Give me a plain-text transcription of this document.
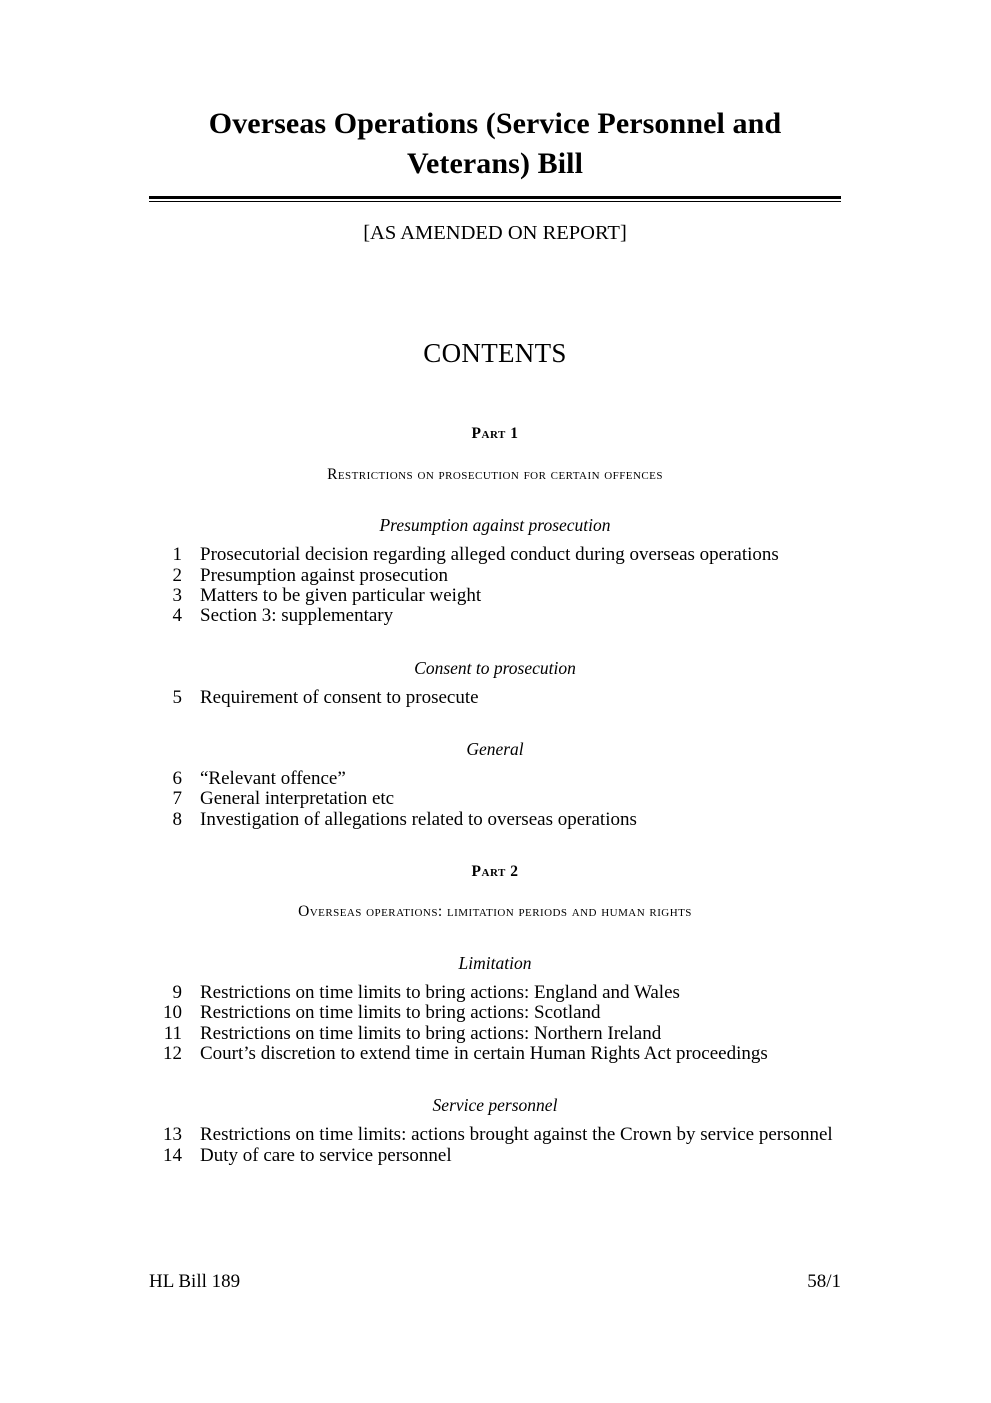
Overseas Operations (Service Personnel and Veterans) Bill

[AS AMENDED ON REPORT]

CONTENTS
Part 1
Restrictions on prosecution for certain offences
Presumption against prosecution
1 Prosecutorial decision regarding alleged conduct during overseas operations
2 Presumption against prosecution
3 Matters to be given particular weight
4 Section 3: supplementary
Consent to prosecution
5 Requirement of consent to prosecute
General
6 “Relevant offence”
7 General interpretation etc
8 Investigation of allegations related to overseas operations
Part 2
Overseas operations: limitation periods and human rights
Limitation
9 Restrictions on time limits to bring actions: England and Wales
10 Restrictions on time limits to bring actions: Scotland
11 Restrictions on time limits to bring actions: Northern Ireland
12 Court’s discretion to extend time in certain Human Rights Act proceedings
Service personnel
13 Restrictions on time limits: actions brought against the Crown by service personnel
14 Duty of care to service personnel
HL Bill 189	58/1
